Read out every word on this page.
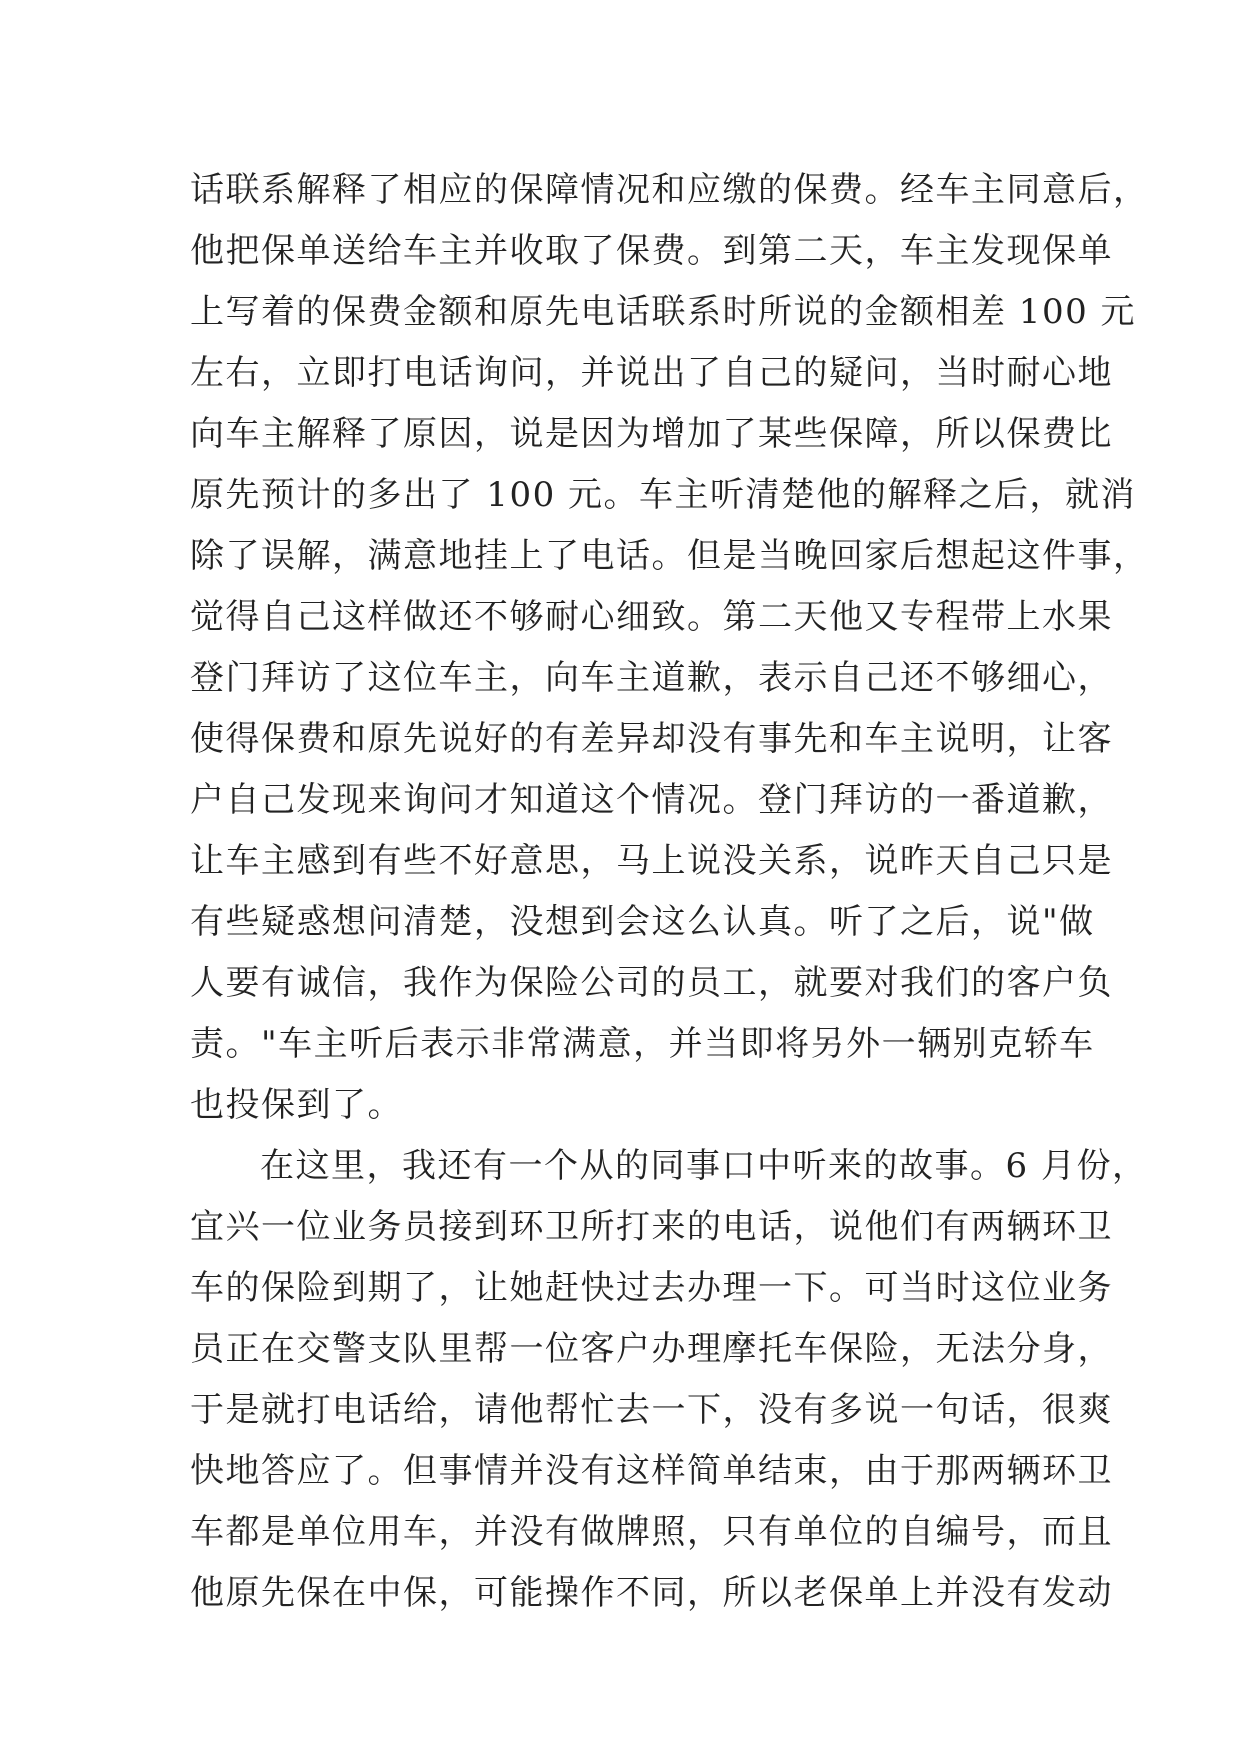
话联系解释了相应的保障情况和应缴的保费。经车主同意后，
他把保单送给车主并收取了保费。到第二天，车主发现保单
上写着的保费金额和原先电话联系时所说的金额相差 100 元
左右，立即打电话询问，并说出了自己的疑问，当时耐心地
向车主解释了原因，说是因为增加了某些保障，所以保费比
原先预计的多出了 100 元。车主听清楚他的解释之后，就消
除了误解，满意地挂上了电话。但是当晚回家后想起这件事，
觉得自己这样做还不够耐心细致。第二天他又专程带上水果
登门拜访了这位车主，向车主道歉，表示自己还不够细心，
使得保费和原先说好的有差异却没有事先和车主说明，让客
户自己发现来询问才知道这个情况。登门拜访的一番道歉，
让车主感到有些不好意思，马上说没关系，说昨天自己只是
有些疑惑想问清楚，没想到会这么认真。听了之后，说"做
人要有诚信，我作为保险公司的员工，就要对我们的客户负
责。"车主听后表示非常满意，并当即将另外一辆别克轿车
也投保到了。
在这里，我还有一个从的同事口中听来的故事。6 月份，
宜兴一位业务员接到环卫所打来的电话，说他们有两辆环卫
车的保险到期了，让她赶快过去办理一下。可当时这位业务
员正在交警支队里帮一位客户办理摩托车保险，无法分身，
于是就打电话给，请他帮忙去一下，没有多说一句话，很爽
快地答应了。但事情并没有这样简单结束，由于那两辆环卫
车都是单位用车，并没有做牌照，只有单位的自编号，而且
他原先保在中保，可能操作不同，所以老保单上并没有发动
